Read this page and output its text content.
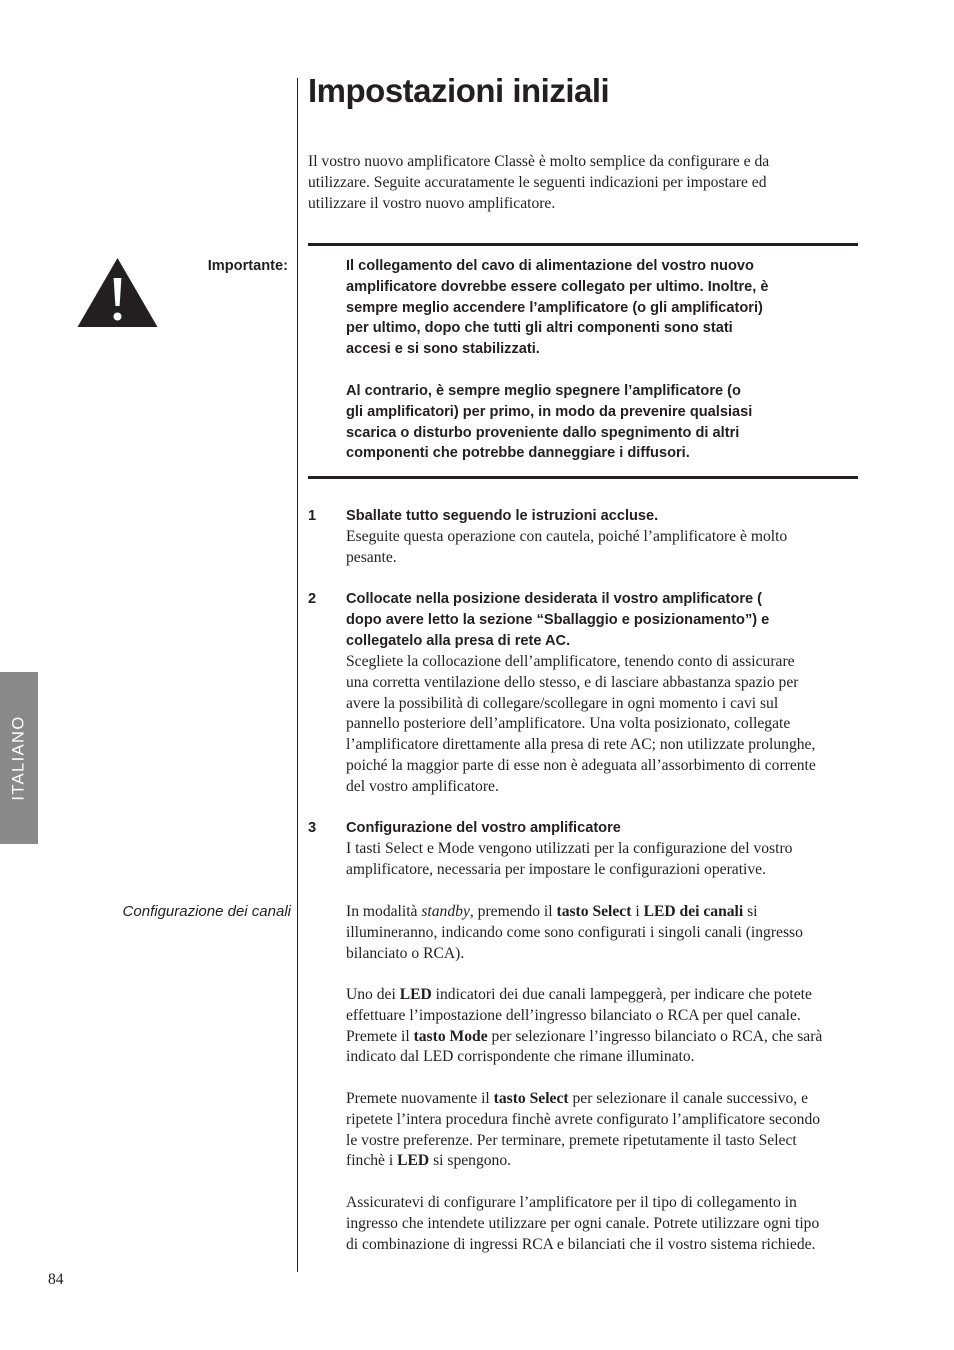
Impostazioni iniziali

Il vostro nuovo amplificatore Classè è molto semplice da configurare e da
utilizzare. Seguite accuratamente le seguenti indicazioni per impostare ed
utilizzare il vostro nuovo amplificatore.

Importante:	Il collegamento del cavo di alimentazione del vostro nuovo
amplificatore dovrebbe essere collegato per ultimo. Inoltre, è
sempre meglio accendere l’amplificatore (o gli amplificatori)
per ultimo, dopo che tutti gli altri componenti sono stati
accesi e si sono stabilizzati.

Al contrario, è sempre meglio spegnere l’amplificatore (o
gli amplificatori) per primo, in modo da prevenire qualsiasi
scarica o disturbo proveniente dallo spegnimento di altri
componenti che potrebbe danneggiare i diffusori.

1 Sballate tutto seguendo le istruzioni accluse.

Eseguite questa operazione con cautela, poiché l’amplificatore è molto
pesante.

2 Collocate nella posizione desiderata il vostro amplificatore (
dopo avere letto la sezione “Sballaggio e posizionamento”) e
collegatelo alla presa di rete AC.

Scegliete la collocazione dell’amplificatore, tenendo conto di assicurare
una corretta ventilazione dello stesso, e di lasciare abbastanza spazio per
avere la possibilità di collegare/scollegare in ogni momento i cavi sul
pannello posteriore dell’amplificatore. Una volta posizionato, collegate
l’amplificatore direttamente alla presa di rete AC; non utilizzate prolunghe,
poiché la maggior parte di esse non è adeguata all’assorbimento di corrente
del vostro amplificatore.

3 Configurazione del vostro amplificatore

I tasti Select e Mode vengono utilizzati per la configurazione del vostro
amplificatore, necessaria per impostare le configurazioni operative.

Configurazione dei canali	In modalità standby, premendo il tasto Select i LED dei canali si
illumineranno, indicando come sono configurati i singoli canali (ingresso
bilanciato o RCA).

Uno dei LED indicatori dei due canali lampeggerà, per indicare che potete
effettuare l’impostazione dell’ingresso bilanciato o RCA per quel canale.
Premete il tasto Mode per selezionare l’ingresso bilanciato o RCA, che sarà
indicato dal LED corrispondente che rimane illuminato.

Premete nuovamente il tasto Select per selezionare il canale successivo, e
ripetete l’intera procedura finchè avrete configurato l’amplificatore secondo
le vostre preferenze. Per terminare, premete ripetutamente il tasto Select
finchè i LED si spengono.

Assicuratevi di configurare l’amplificatore per il tipo di collegamento in
ingresso che intendete utilizzare per ogni canale. Potrete utilizzare ogni tipo
di combinazione di ingressi RCA e bilanciati che il vostro sistema richiede.

ITALIANO
84
